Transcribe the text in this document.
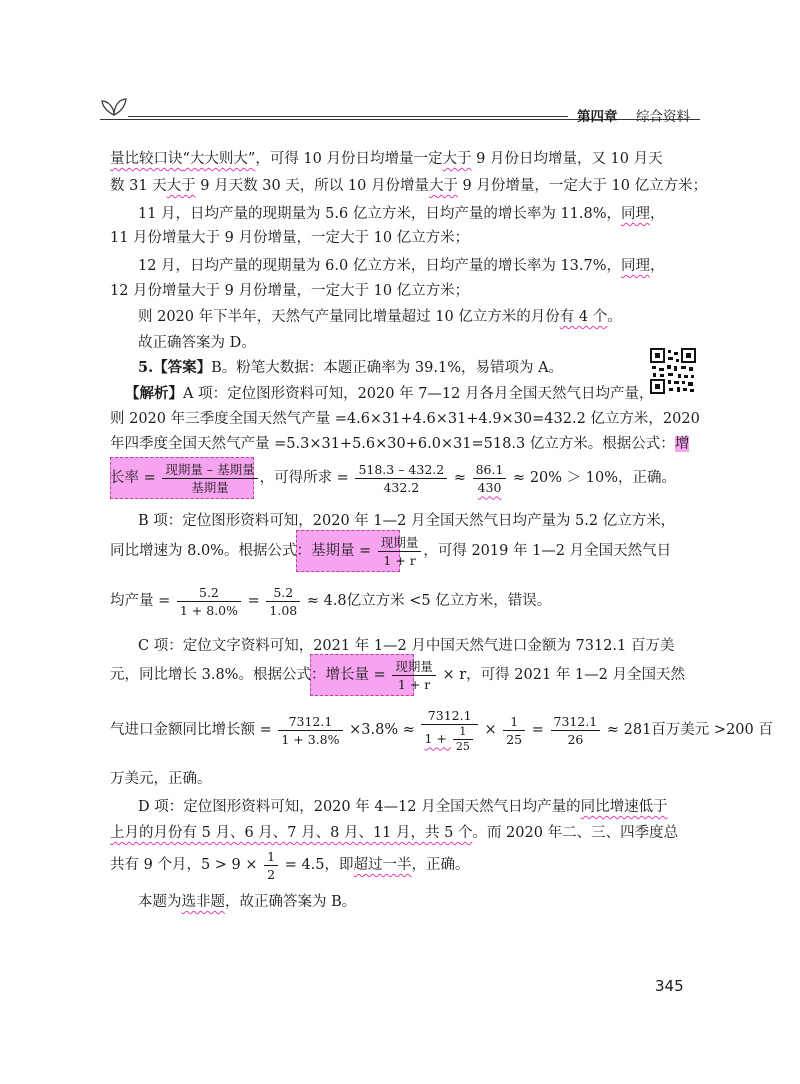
第四章 综合资料
量比较口诀“大大则大”，可得 10 月份日均增量一定大于 9 月份日均增量，又 10 月天
数 31 天大于 9 月天数 30 天，所以 10 月份增量大于 9 月份增量，一定大于 10 亿立方米；
11 月，日均产量的现期量为 5.6 亿立方米，日均产量的增长率为 11.8%，同理，
11 月份增量大于 9 月份增量，一定大于 10 亿立方米；
12 月，日均产量的现期量为 6.0 亿立方米，日均产量的增长率为 13.7%，同理，
12 月份增量大于 9 月份增量，一定大于 10 亿立方米；
则 2020 年下半年，天然气产量同比增量超过 10 亿立方米的月份有 4 个。
故正确答案为 D。
5.【答案】B。粉笔大数据：本题正确率为 39.1%，易错项为 A。
【解析】A 项：定位图形资料可知，2020 年 7—12 月各月全国天然气日均产量，
则 2020 年三季度全国天然气产量 =4.6×31+4.6×31+4.9×30=432.2 亿立方米，2020
年四季度全国天然气产量 =5.3×31+5.6×30+6.0×31=518.3 亿立方米。根据公式：增
长率 = $\frac{\text{现期量 – 基期量}}{\text{基期量}}$ ，可得所求 = $\frac{518.3 - 432.2}{432.2} \approx \frac{86.1}{430} \approx 20\% > 10\%$，正确。
B 项：定位图形资料可知，2020 年 1—2 月全国天然气日均产量为 5.2 亿立方米，
同比增速为 8.0%。根据公式：基期量 = $\frac{\text{现期量}}{1 + r}$ ，可得 2019 年 1—2 月全国天然气日
均产量 = $\frac{5.2}{1 + 8.0\%} = \frac{5.2}{1.08} \approx 4.8$亿立方米 <5 亿立方米，错误。
C 项：定位文字资料可知，2021 年 1—2 月中国天然气进口金额为 7312.1 百万美
元，同比增长 3.8%。根据公式：增长量 = $\frac{\text{现期量}}{1 + r} \times r$，可得 2021 年 1—2 月全国天然
气进口金额同比增长额 = $\frac{7312.1}{1 + 3.8\%} \times 3.8\% \approx \frac{7312.1}{1 + \frac{1}{25}} \times \frac{1}{25} = \frac{7312.1}{26} \approx 281$百万美元 >200 百
万美元，正确。
D 项：定位图形资料可知，2020 年 4—12 月全国天然气日均产量的同比增速低于
上月的月份有 5 月、6 月、7 月、8 月、11 月，共 5 个。而 2020 年二、三、四季度总
共有 9 个月，$5 > 9 \times \frac{1}{2} = 4.5$，即超过一半，正确。
本题为选非题，故正确答案为 B。
345
